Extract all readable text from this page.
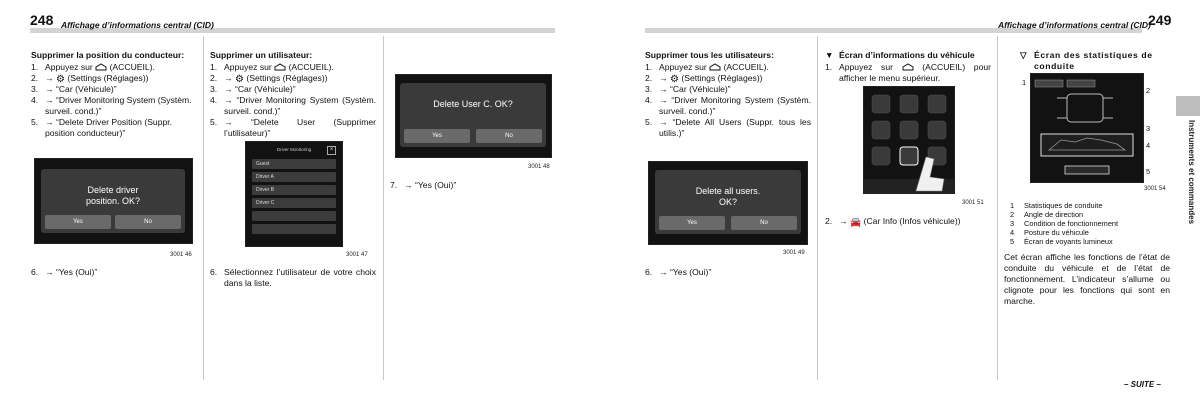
248 Affichage d’informations central (CID)	Affichage d’informations central (CID)
249
Supprimer la position du conducteur:
1. Appuyez sur (ACCUEIL).
2. → ⚙ (Settings (Réglages))
3. → “Car (Véhicule)”
4. → “Driver Monitoring System (Systèm. surveil. cond.)”
5. → “Delete Driver Position (Suppr. position conducteur)”
Delete driver position. OK?
Yes	No
3001 46
6. → “Yes (Oui)”
Supprimer un utilisateur:
1. Appuyez sur (ACCUEIL).
2. → ⚙ (Settings (Réglages))
3. → “Car (Véhicule)”
4. → “Driver Monitoring System (Systèm. surveil. cond.)”
5. → “Delete User (Supprimer l’utilisateur)”
Driver Monitoring	×
Guest
Driver A
Driver B
Driver C
3001 47
6. Sélectionnez l’utilisateur de votre choix dans la liste.
Delete User C. OK?
Yes	No
3001 48
7. → “Yes (Oui)”
Supprimer tous les utilisateurs:
1. Appuyez sur (ACCUEIL).
2. → ⚙ (Settings (Réglages))
3. → “Car (Véhicule)”
4. → “Driver Monitoring System (Systèm. surveil. cond.)”
5. → “Delete All Users (Suppr. tous les utilis.)”
Delete all users. OK?
Yes	No
3001 49
6. → “Yes (Oui)”
▼ Écran d’informations du véhicule
1. Appuyez sur	(ACCUEIL) pour afficher le menu supérieur.
3001 51
2. → 🚘 (Car Info (Infos véhicule))
▽ Écran des statistiques de conduite
1
2
3
4
5
3001 54
1	Statistiques de conduite
2	Angle de direction
3	Condition de fonctionnement
4	Posture du véhicule
5	Écran de voyants lumineux
Cet écran affiche les fonctions de l’état de conduite du véhicule et de l’état de fonctionnement. L’indicateur s’allume ou clignote pour les fonctions qui sont en marche.
Instruments et commandes
– SUITE –
